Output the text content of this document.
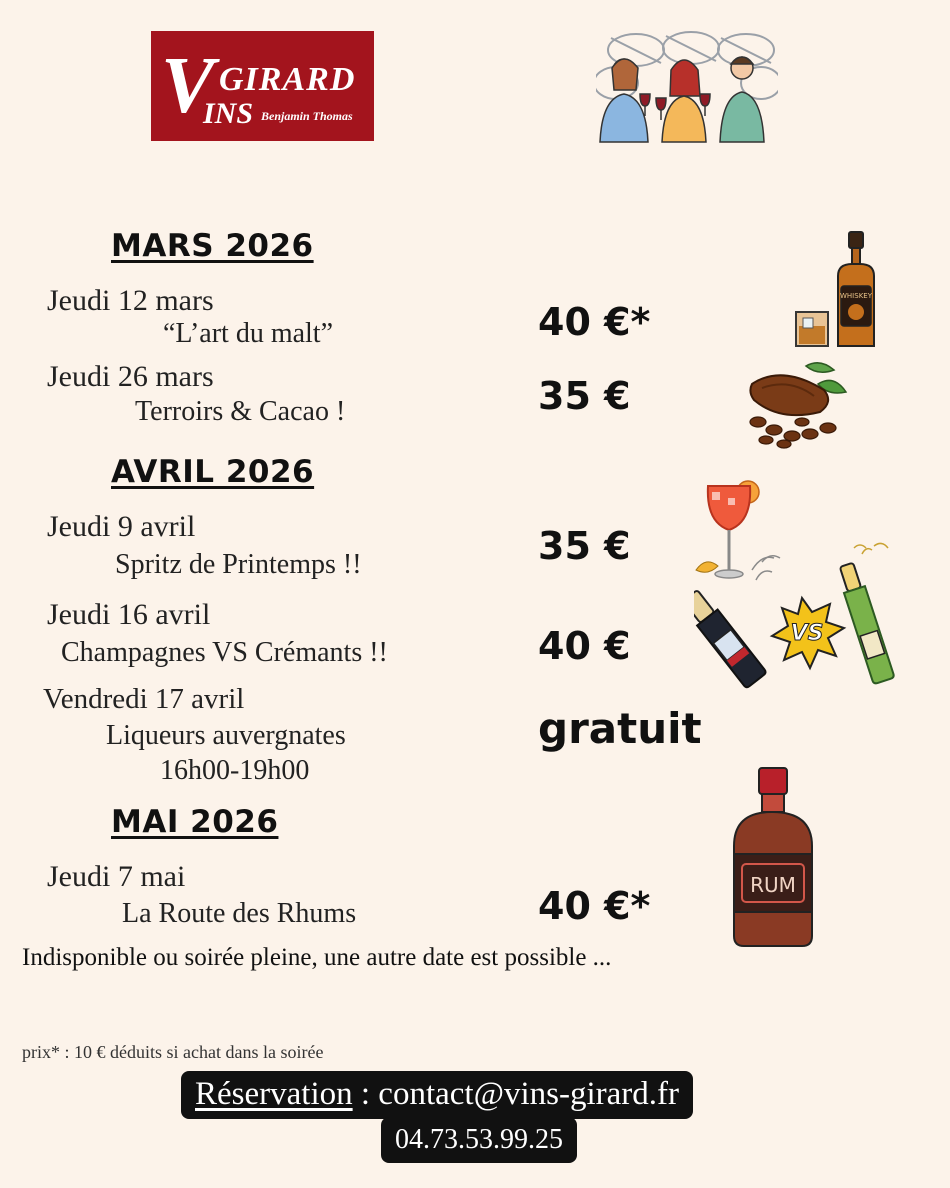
V GIRARD
INS Benjamin Thomas
MARS 2026
Jeudi 12 mars
“L’art du malt”	40 €*
Jeudi 26 mars
Terroirs & Cacao !	35 €
WHISKEY
AVRIL 2026
Jeudi 9 avril
Spritz de Printemps !!	35 €
Jeudi 16 avril
Champagnes VS Crémants !!	40 €
Vendredi 17 avril
Liqueurs auvergnates
16h00-19h00
gratuit
VS
MAI 2026
Jeudi 7 mai
La Route des Rhums	40 €*	RUM
Indisponible ou soirée pleine, une autre date est possible ...
prix* : 10 € déduits si achat dans la soirée
Réservation : contact@vins-girard.fr
04.73.53.99.25
